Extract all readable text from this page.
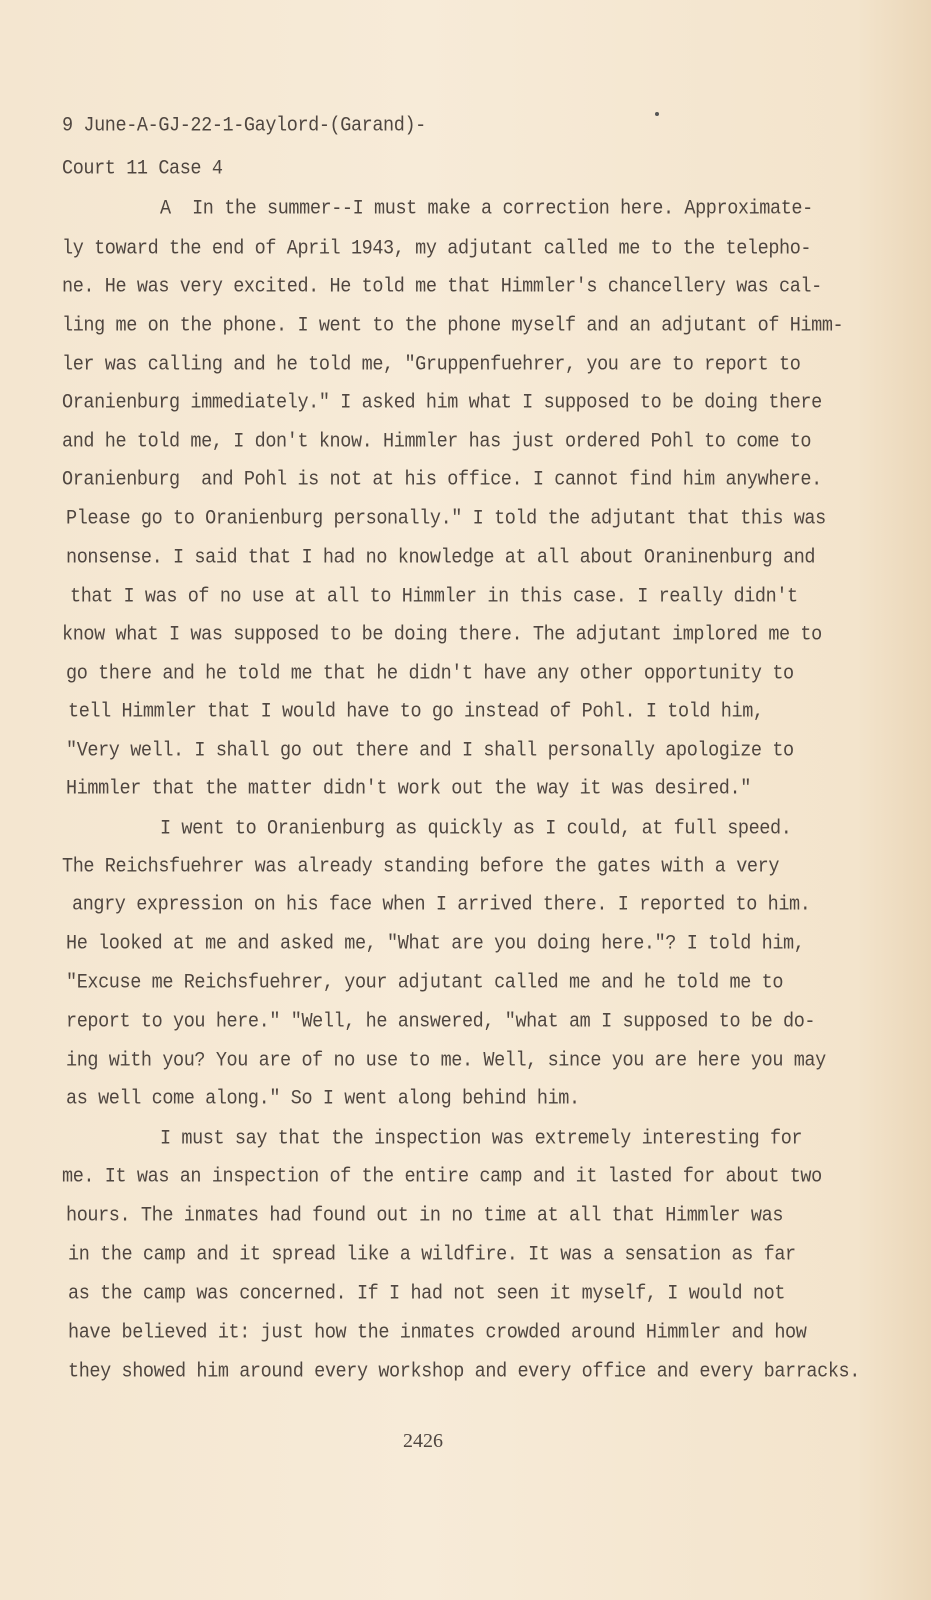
9 June-A-GJ-22-1-Gaylord-(Garand)-
Court 11 Case 4
A  In the summer--I must make a correction here. Approximate-
ly toward the end of April 1943, my adjutant called me to the telepho-
ne. He was very excited. He told me that Himmler's chancellery was cal-
ling me on the phone. I went to the phone myself and an adjutant of Himm-
ler was calling and he told me, "Gruppenfuehrer, you are to report to
Oranienburg immediately." I asked him what I supposed to be doing there
and he told me, I don't know. Himmler has just ordered Pohl to come to
Oranienburg  and Pohl is not at his office. I cannot find him anywhere.
Please go to Oranienburg personally." I told the adjutant that this was
nonsense. I said that I had no knowledge at all about Oraninenburg and
that I was of no use at all to Himmler in this case. I really didn't
know what I was supposed to be doing there. The adjutant implored me to
go there and he told me that he didn't have any other opportunity to
tell Himmler that I would have to go instead of Pohl. I told him,
"Very well. I shall go out there and I shall personally apologize to
Himmler that the matter didn't work out the way it was desired."
I went to Oranienburg as quickly as I could, at full speed.
The Reichsfuehrer was already standing before the gates with a very
angry expression on his face when I arrived there. I reported to him.
He looked at me and asked me, "What are you doing here."? I told him,
"Excuse me Reichsfuehrer, your adjutant called me and he told me to
report to you here." "Well, he answered, "what am I supposed to be do-
ing with you? You are of no use to me. Well, since you are here you may
as well come along." So I went along behind him.
I must say that the inspection was extremely interesting for
me. It was an inspection of the entire camp and it lasted for about two
hours. The inmates had found out in no time at all that Himmler was
in the camp and it spread like a wildfire. It was a sensation as far
as the camp was concerned. If I had not seen it myself, I would not
have believed it: just how the inmates crowded around Himmler and how
they showed him around every workshop and every office and every barracks.
2426
